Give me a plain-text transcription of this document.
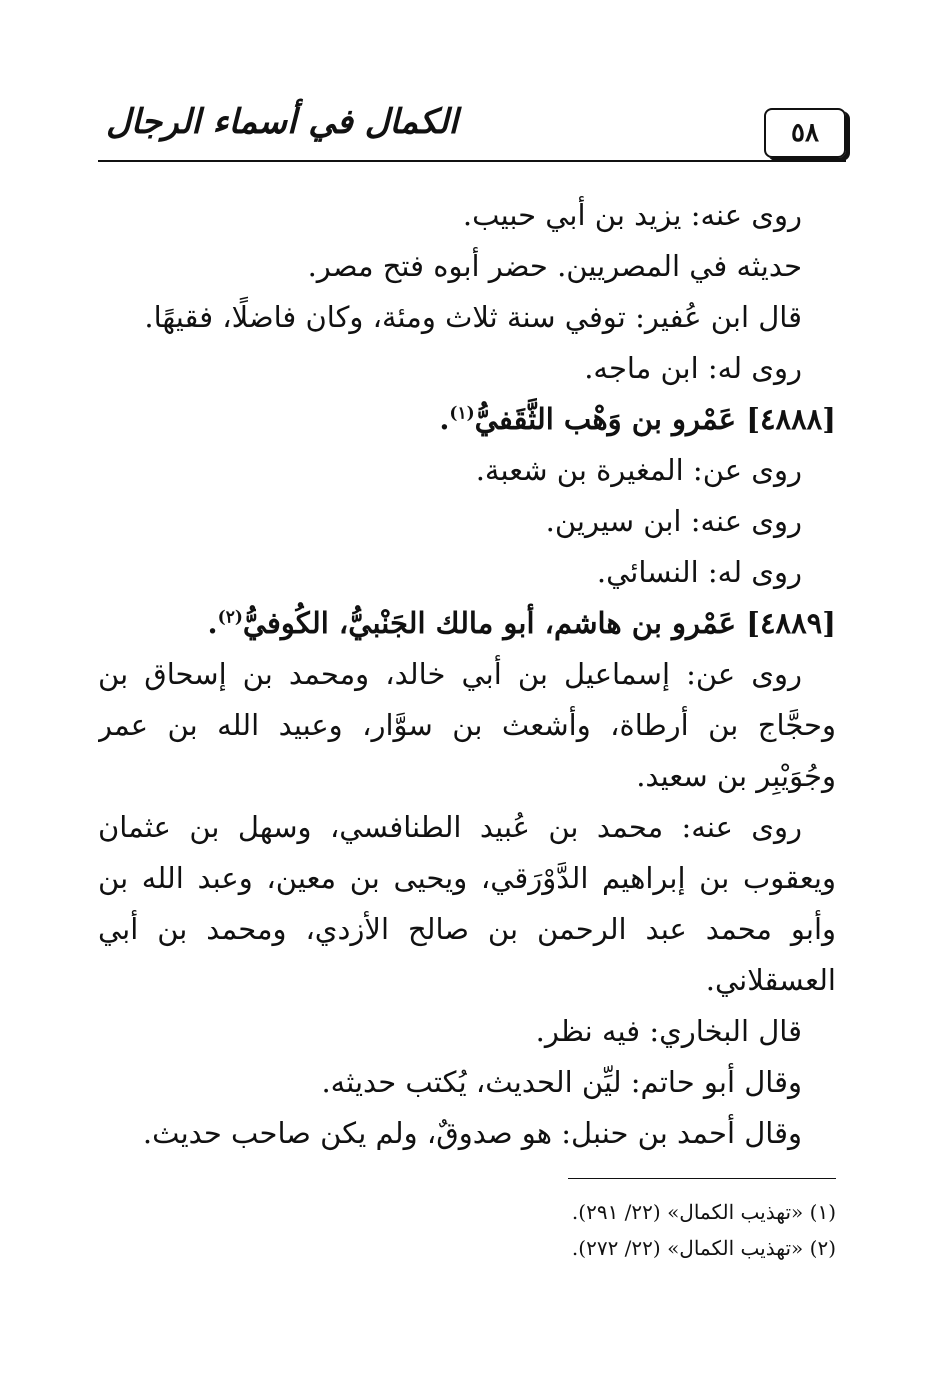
الكمال في أسماء الرجال	٥٨
روى عنه: يزيد بن أبي حبيب.
حديثه في المصريين. حضر أبوه فتح مصر.
قال ابن عُفير: توفي سنة ثلاث ومئة، وكان فاضلًا، فقيهًا.
روى له: ابن ماجه.
[٤٨٨٨] عَمْرو بن وَهْب الثَّقَفيُّ$^{(١)}$.
روى عن: المغيرة بن شعبة.
روى عنه: ابن سيرين.
روى له: النسائي.
[٤٨٨٩] عَمْرو بن هاشم، أبو مالك الجَنْبيُّ، الكُوفيُّ$^{(٢)}$.
روى عن: إسماعيل بن أبي خالد، ومحمد بن إسحاق بن
وحجَّاج بن أرطاة، وأشعث بن سوَّار، وعبيد الله بن عمر
وجُوَيْبِر بن سعيد.
روى عنه: محمد بن عُبيد الطنافسي، وسهل بن عثمان
ويعقوب بن إبراهيم الدَّوْرَقي، ويحيى بن معين، وعبد الله بن
وأبو محمد عبد الرحمن بن صالح الأزدي، ومحمد بن أبي
العسقلاني.
قال البخاري: فيه نظر.
وقال أبو حاتم: ليِّن الحديث، يُكتب حديثه.
وقال أحمد بن حنبل: هو صدوقٌ، ولم يكن صاحب حديث.
(١) «تهذيب الكمال» (٢٢/ ٢٩١).
(٢) «تهذيب الكمال» (٢٢/ ٢٧٢).
